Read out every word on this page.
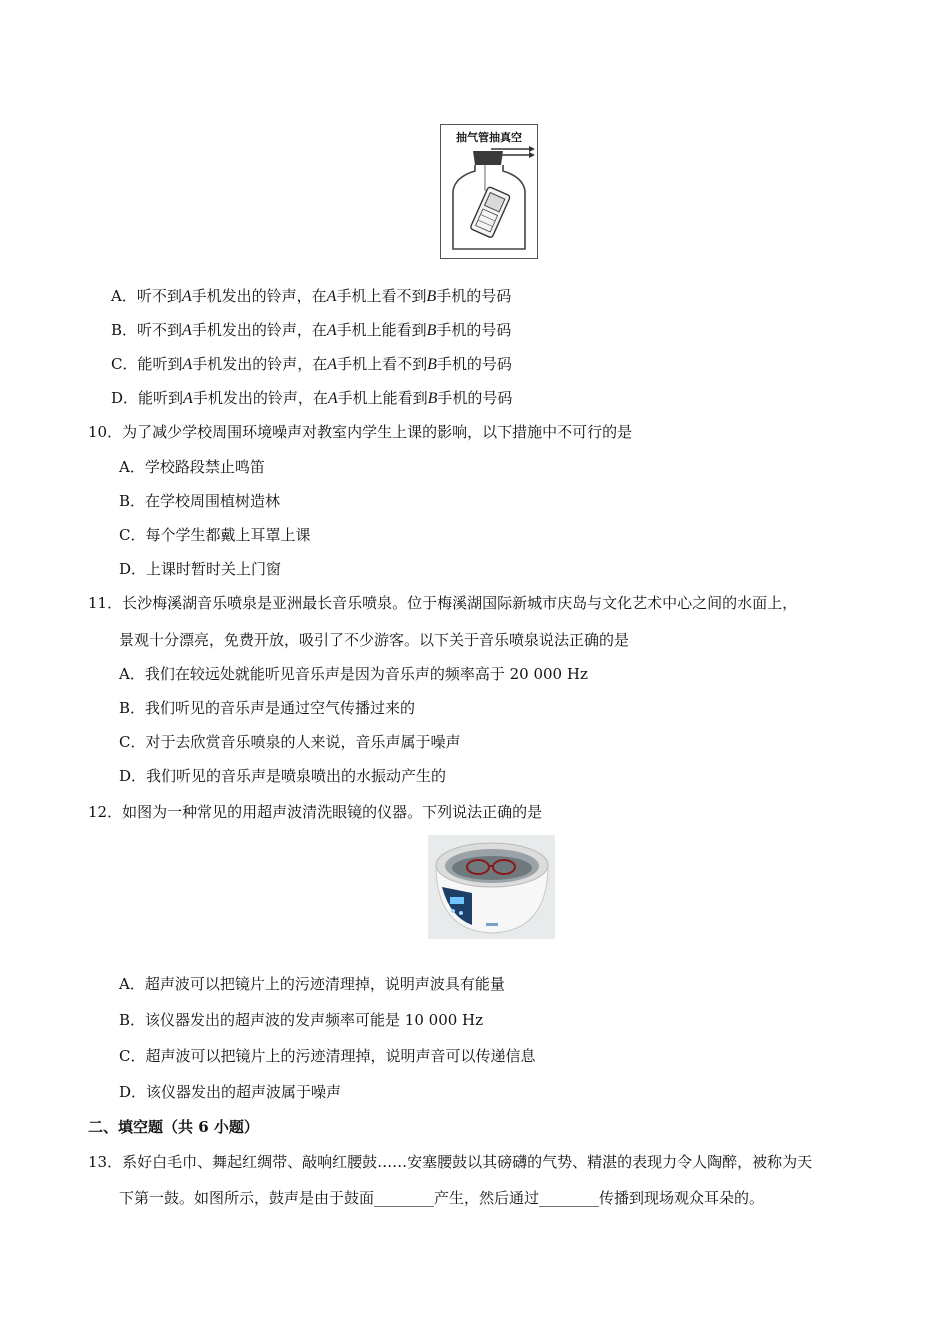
抽气管抽真空
A．听不到A手机发出的铃声，在A手机上看不到B手机的号码
B．听不到A手机发出的铃声，在A手机上能看到B手机的号码
C．能听到A手机发出的铃声，在A手机上看不到B手机的号码
D．能听到A手机发出的铃声，在A手机上能看到B手机的号码
10．为了减少学校周围环境噪声对教室内学生上课的影响，以下措施中不可行的是
A．学校路段禁止鸣笛
B．在学校周围植树造林
C．每个学生都戴上耳罩上课
D．上课时暂时关上门窗
11．长沙梅溪湖音乐喷泉是亚洲最长音乐喷泉。位于梅溪湖国际新城市庆岛与文化艺术中心之间的水面上，
景观十分漂亮，免费开放，吸引了不少游客。以下关于音乐喷泉说法正确的是
A．我们在较远处就能听见音乐声是因为音乐声的频率高于 20 000 Hz
B．我们听见的音乐声是通过空气传播过来的
C．对于去欣赏音乐喷泉的人来说，音乐声属于噪声
D．我们听见的音乐声是喷泉喷出的水振动产生的
12．如图为一种常见的用超声波清洗眼镜的仪器。下列说法正确的是
A．超声波可以把镜片上的污迹清理掉，说明声波具有能量
B．该仪器发出的超声波的发声频率可能是 10 000 Hz
C．超声波可以把镜片上的污迹清理掉，说明声音可以传递信息
D．该仪器发出的超声波属于噪声
二、填空题（共 6 小题）
13．系好白毛巾、舞起红绸带、敲响红腰鼓……安塞腰鼓以其磅礴的气势、精湛的表现力令人陶醉，被称为天
下第一鼓。如图所示，鼓声是由于鼓面________产生，然后通过________传播到现场观众耳朵的。
